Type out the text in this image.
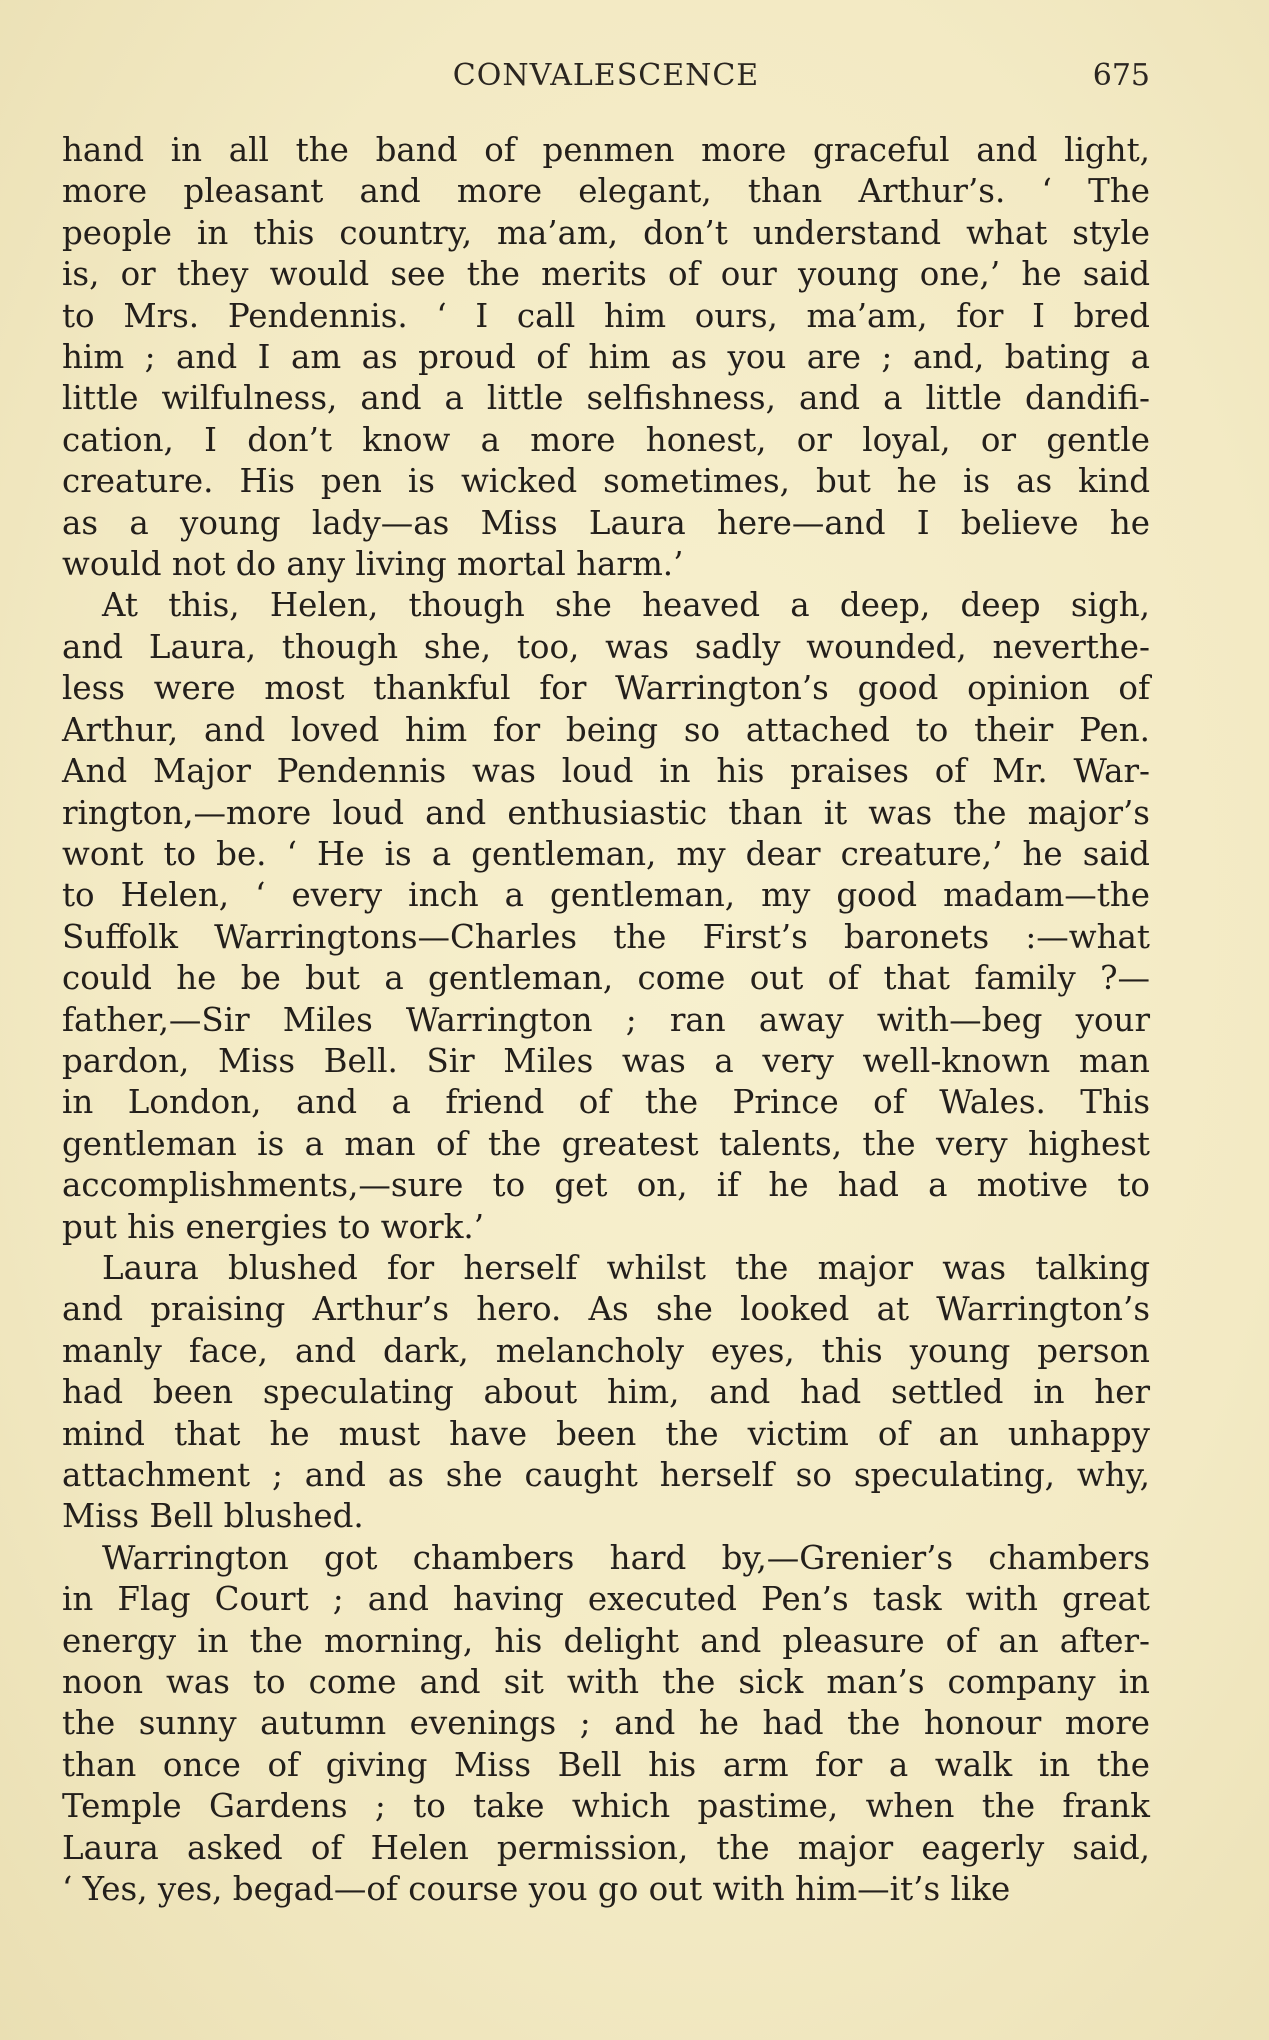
CONVALESCENCE	675
hand in all the band of penmen more graceful and light,
more pleasant and more elegant, than Arthur’s. ‘ The
people in this country, ma’am, don’t understand what style
is, or they would see the merits of our young one,’ he said
to Mrs. Pendennis. ‘ I call him ours, ma’am, for I bred
him ; and I am as proud of him as you are ; and, bating a
little wilfulness, and a little selfishness, and a little dandifi-
cation, I don’t know a more honest, or loyal, or gentle
creature. His pen is wicked sometimes, but he is as kind
as a young lady—as Miss Laura here—and I believe he
would not do any living mortal harm.’
At this, Helen, though she heaved a deep, deep sigh,
and Laura, though she, too, was sadly wounded, neverthe-
less were most thankful for Warrington’s good opinion of
Arthur, and loved him for being so attached to their Pen.
And Major Pendennis was loud in his praises of Mr. War-
rington,—more loud and enthusiastic than it was the major’s
wont to be. ‘ He is a gentleman, my dear creature,’ he said
to Helen, ‘ every inch a gentleman, my good madam—the
Suffolk Warringtons—Charles the First’s baronets :—what
could he be but a gentleman, come out of that family ?—
father,—Sir Miles Warrington ; ran away with—beg your
pardon, Miss Bell. Sir Miles was a very well-known man
in London, and a friend of the Prince of Wales. This
gentleman is a man of the greatest talents, the very highest
accomplishments,—sure to get on, if he had a motive to
put his energies to work.’
Laura blushed for herself whilst the major was talking
and praising Arthur’s hero. As she looked at Warrington’s
manly face, and dark, melancholy eyes, this young person
had been speculating about him, and had settled in her
mind that he must have been the victim of an unhappy
attachment ; and as she caught herself so speculating, why,
Miss Bell blushed.
Warrington got chambers hard by,—Grenier’s chambers
in Flag Court ; and having executed Pen’s task with great
energy in the morning, his delight and pleasure of an after-
noon was to come and sit with the sick man’s company in
the sunny autumn evenings ; and he had the honour more
than once of giving Miss Bell his arm for a walk in the
Temple Gardens ; to take which pastime, when the frank
Laura asked of Helen permission, the major eagerly said,
‘ Yes, yes, begad—of course you go out with him—it’s like
